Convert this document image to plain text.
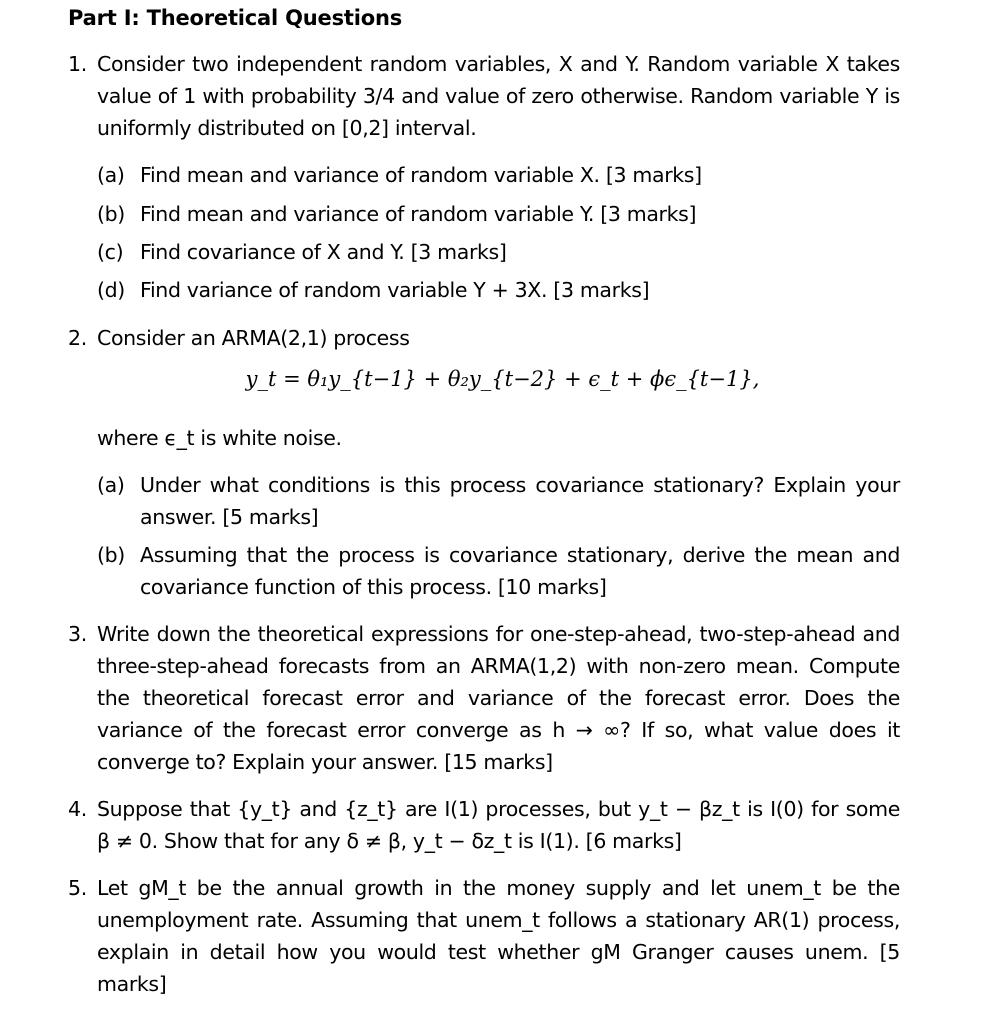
Part I: Theoretical Questions
1. Consider two independent random variables, X and Y. Random variable X takes value of 1 with probability 3/4 and value of zero otherwise. Random variable Y is uniformly distributed on [0,2] interval.
(a) Find mean and variance of random variable X. [3 marks]
(b) Find mean and variance of random variable Y. [3 marks]
(c) Find covariance of X and Y. [3 marks]
(d) Find variance of random variable Y + 3X. [3 marks]
2. Consider an ARMA(2,1) process
y_t = θ₁y_{t−1} + θ₂y_{t−2} + ϵ_t + ϕϵ_{t−1},
where ϵ_t is white noise.
(a) Under what conditions is this process covariance stationary? Explain your answer. [5 marks]
(b) Assuming that the process is covariance stationary, derive the mean and covariance function of this process. [10 marks]
3. Write down the theoretical expressions for one-step-ahead, two-step-ahead and three-step-ahead forecasts from an ARMA(1,2) with non-zero mean. Compute the theoretical forecast error and variance of the forecast error. Does the variance of the forecast error converge as h → ∞? If so, what value does it converge to? Explain your answer. [15 marks]
4. Suppose that {y_t} and {z_t} are I(1) processes, but y_t − βz_t is I(0) for some β ≠ 0. Show that for any δ ≠ β, y_t − δz_t is I(1). [6 marks]
5. Let gM_t be the annual growth in the money supply and let unem_t be the unemployment rate. Assuming that unem_t follows a stationary AR(1) process, explain in detail how you would test whether gM Granger causes unem. [5 marks]
